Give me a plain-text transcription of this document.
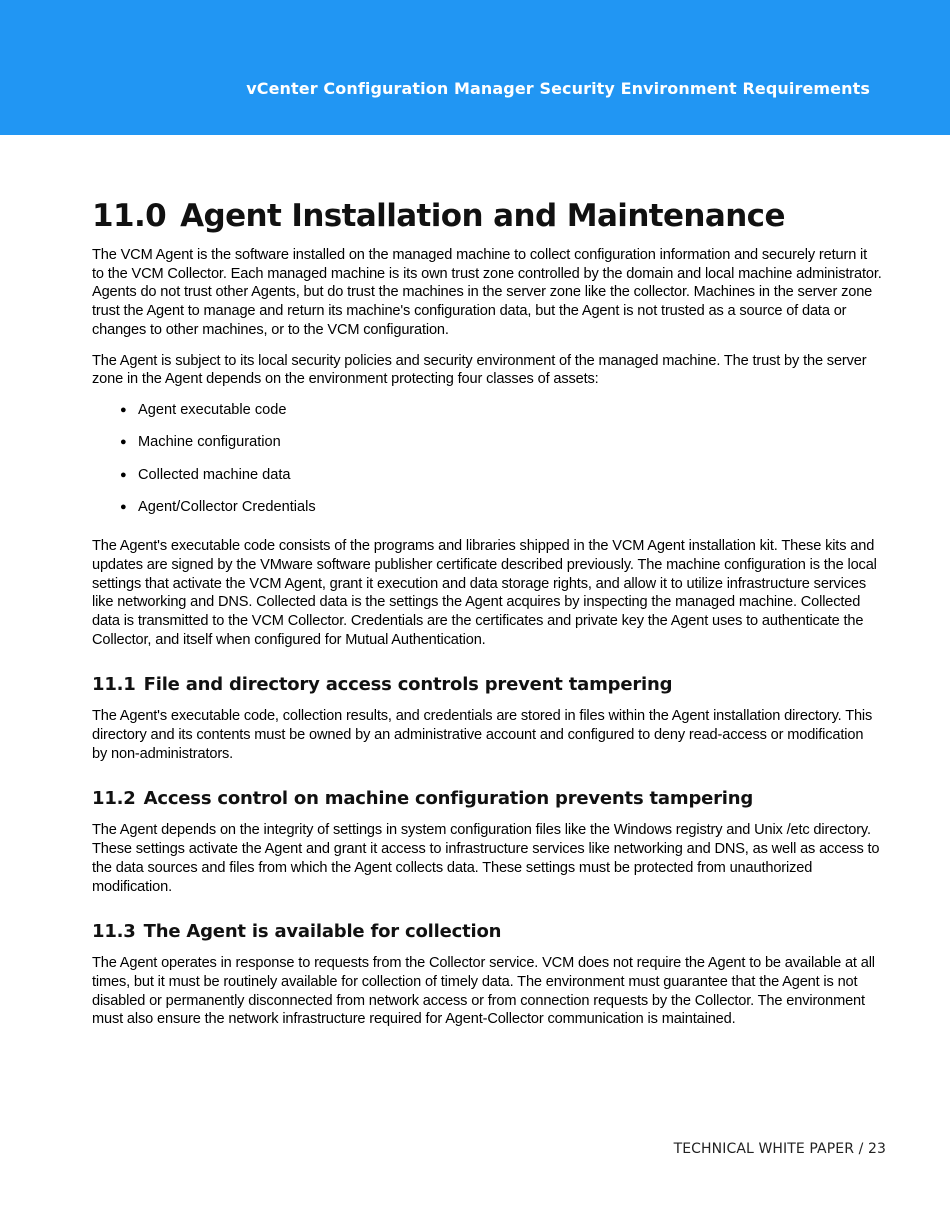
vCenter Configuration Manager Security Environment Requirements
11.0 Agent Installation and Maintenance

The VCM Agent is the software installed on the managed machine to collect configuration information and securely return it to the VCM Collector. Each managed machine is its own trust zone controlled by the domain and local machine administrator. Agents do not trust other Agents, but do trust the machines in the server zone like the collector. Machines in the server zone trust the Agent to manage and return its machine's configuration data, but the Agent is not trusted as a source of data or changes to other machines, or to the VCM configuration.

The Agent is subject to its local security policies and security environment of the managed machine. The trust by the server zone in the Agent depends on the environment protecting four classes of assets:

● Agent executable code
● Machine configuration
● Collected machine data
● Agent/Collector Credentials

The Agent's executable code consists of the programs and libraries shipped in the VCM Agent installation kit. These kits and updates are signed by the VMware software publisher certificate described previously. The machine configuration is the local settings that activate the VCM Agent, grant it execution and data storage rights, and allow it to utilize infrastructure services like networking and DNS. Collected data is the settings the Agent acquires by inspecting the managed machine. Collected data is transmitted to the VCM Collector. Credentials are the certificates and private key the Agent uses to authenticate the Collector, and itself when configured for Mutual Authentication.

11.1 File and directory access controls prevent tampering

The Agent's executable code, collection results, and credentials are stored in files within the Agent installation directory. This directory and its contents must be owned by an administrative account and configured to deny read-access or modification by non-administrators.

11.2 Access control on machine configuration prevents tampering

The Agent depends on the integrity of settings in system configuration files like the Windows registry and Unix /etc directory. These settings activate the Agent and grant it access to infrastructure services like networking and DNS, as well as access to the data sources and files from which the Agent collects data. These settings must be protected from unauthorized modification.

11.3 The Agent is available for collection

The Agent operates in response to requests from the Collector service. VCM does not require the Agent to be available at all times, but it must be routinely available for collection of timely data. The environment must guarantee that the Agent is not disabled or permanently disconnected from network access or from connection requests by the Collector. The environment must also ensure the network infrastructure required for Agent-Collector communication is maintained.

TECHNICAL WHITE PAPER / 23
